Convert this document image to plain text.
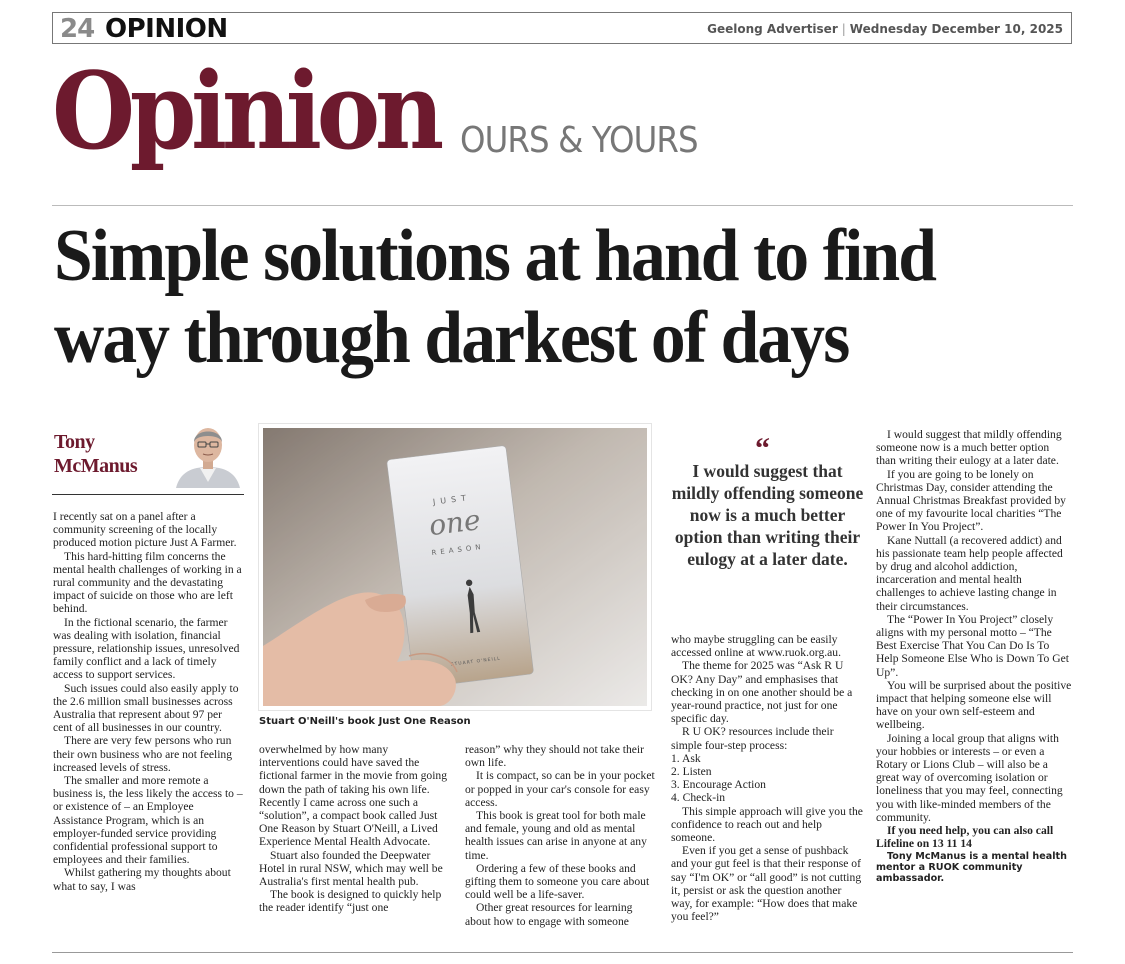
24 OPINION	Geelong Advertiser | Wednesday December 10, 2025
Opinion OURS & YOURS
Simple solutions at hand to find
way through darkest of days
Tony
McManus

I recently sat on a panel after a community screening of the locally produced motion picture Just A Farmer.

This hard-hitting film concerns the mental health challenges of working in a rural community and the devastating impact of suicide on those who are left behind.

In the fictional scenario, the farmer was dealing with isolation, financial pressure, relationship issues, unresolved family conflict and a lack of timely access to support services.

Such issues could also easily apply to the 2.6 million small businesses across Australia that represent about 97 per cent of all businesses in our country.

There are very few persons who run their own business who are not feeling increased levels of stress.

The smaller and more remote a business is, the less likely the access to – or existence of – an Employee Assistance Program, which is an employer-funded service providing confidential professional support to employees and their families.

Whilst gathering my thoughts about what to say, I was

JUST
one
REASON
STUART O'NEILL
Stuart O'Neill's book Just One Reason

overwhelmed by how many interventions could have saved the fictional farmer in the movie from going down the path of taking his own life. Recently I came across one such a “solution”, a compact book called Just One Reason by Stuart O'Neill, a Lived Experience Mental Health Advocate.

Stuart also founded the Deepwater Hotel in rural NSW, which may well be Australia's first mental health pub.

The book is designed to quickly help the reader identify “just one

reason” why they should not take their own life.

It is compact, so can be in your pocket or popped in your car's console for easy access.

This book is great tool for both male and female, young and old as mental health issues can arise in anyone at any time.

Ordering a few of these books and gifting them to someone you care about could well be a life-saver.

Other great resources for learning about how to engage with someone

“
I would suggest that mildly offending someone now is a much better option than writing their eulogy at a later date.

who maybe struggling can be easily accessed online at www.ruok.org.au.

The theme for 2025 was “Ask R U OK? Any Day” and emphasises that checking in on one another should be a year-round practice, not just for one specific day.

R U OK? resources include their simple four-step process:

1. Ask

2. Listen

3. Encourage Action

4. Check-in

This simple approach will give you the confidence to reach out and help someone.

Even if you get a sense of pushback and your gut feel is that their response of say “I'm OK” or “all good” is not cutting it, persist or ask the question another way, for example: “How does that make you feel?”

I would suggest that mildly offending someone now is a much better option than writing their eulogy at a later date.

If you are going to be lonely on Christmas Day, consider attending the Annual Christmas Breakfast provided by one of my favourite local charities “The Power In You Project”.

Kane Nuttall (a recovered addict) and his passionate team help people affected by drug and alcohol addiction, incarceration and mental health challenges to achieve lasting change in their circumstances.

The “Power In You Project” closely aligns with my personal motto – “The Best Exercise That You Can Do Is To Help Someone Else Who is Down To Get Up”.

You will be surprised about the positive impact that helping someone else will have on your own self-esteem and wellbeing.

Joining a local group that aligns with your hobbies or interests – or even a Rotary or Lions Club – will also be a great way of overcoming isolation or loneliness that you may feel, connecting you with like-minded members of the community.

If you need help, you can also call Lifeline on 13 11 14

Tony McManus is a mental health mentor a RUOK community ambassador.
